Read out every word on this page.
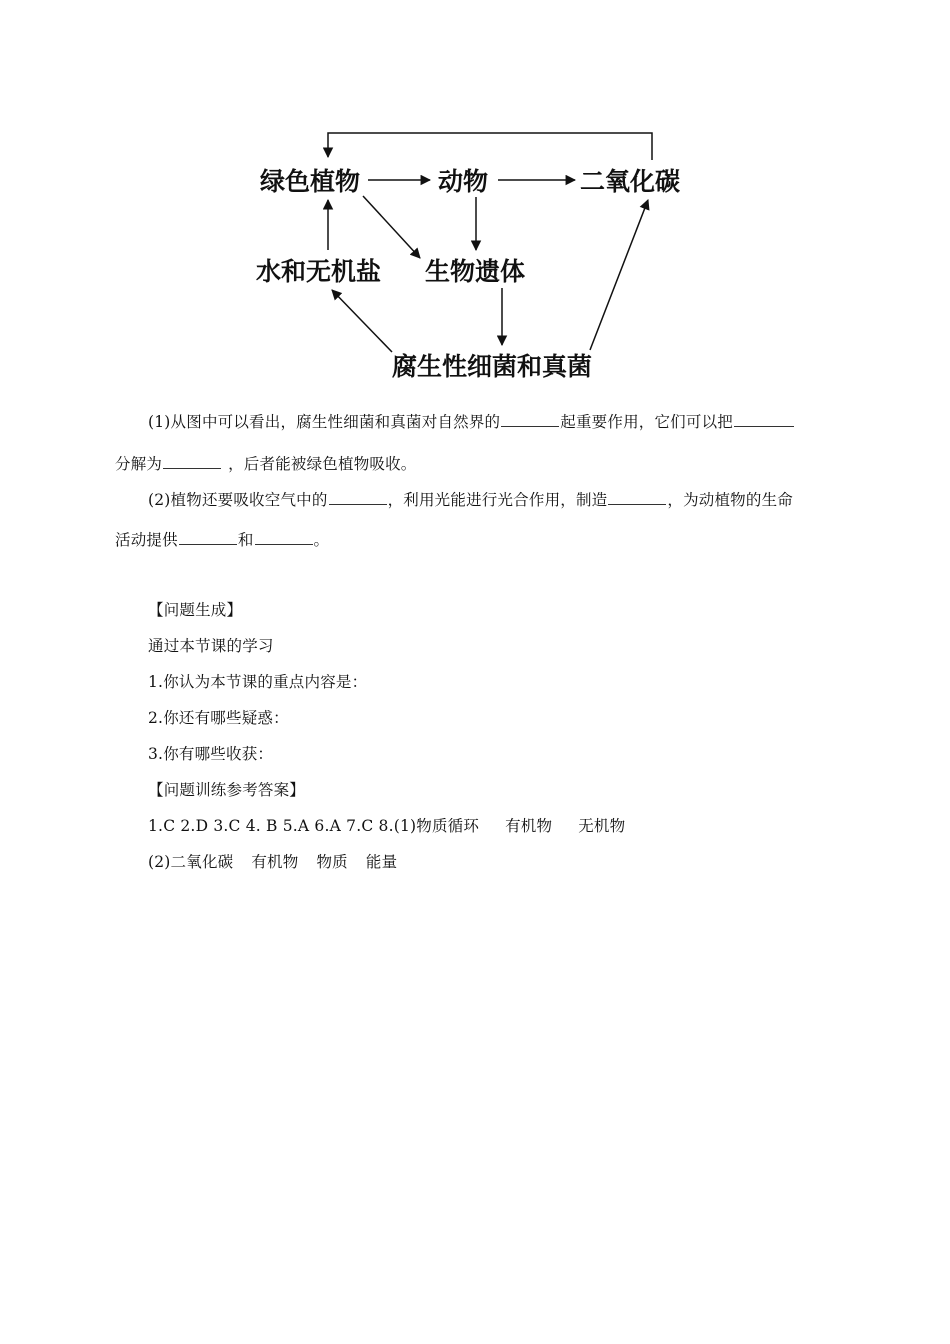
绿色植物	动物	二氧化碳
水和无机盐 生物遗体
腐生性细菌和真菌
(1)从图中可以看出，腐生性细菌和真菌对自然界的	起重要作用，它们可以把
分解为	，后者能被绿色植物吸收。
(2)植物还要吸收空气中的	，利用光能进行光合作用，制造	，为动植物的生命
活动提供	和	。
【问题生成】
通过本节课的学习
1.你认为本节课的重点内容是：
2.你还有哪些疑惑：
3.你有哪些收获：
【问题训练参考答案】
1.C 2.D 3.C 4. B 5.A 6.A 7.C 8.(1)物质循环 有机物 无机物
(2)二氧化碳 有机物 物质 能量
